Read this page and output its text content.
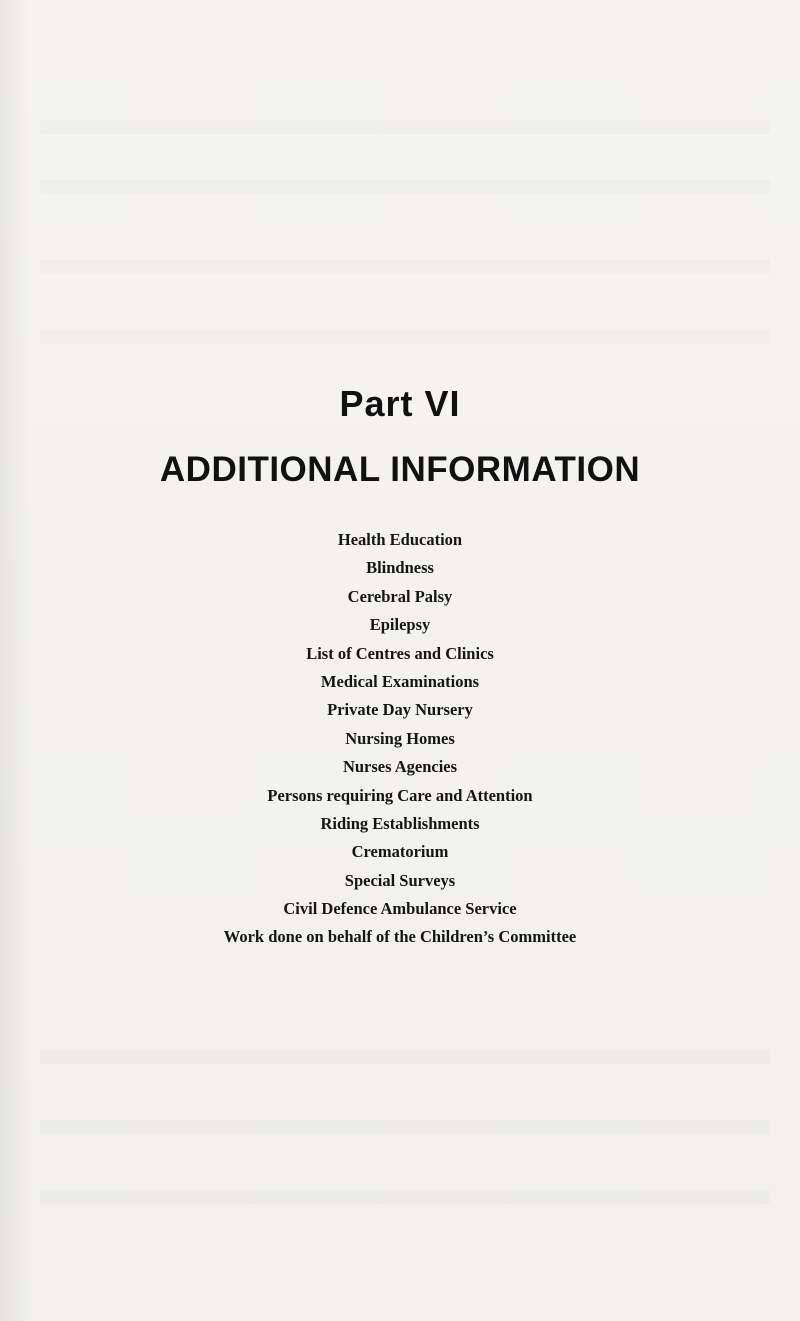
Part VI
ADDITIONAL INFORMATION
Health Education
Blindness
Cerebral Palsy
Epilepsy
List of Centres and Clinics
Medical Examinations
Private Day Nursery
Nursing Homes
Nurses Agencies
Persons requiring Care and Attention
Riding Establishments
Crematorium
Special Surveys
Civil Defence Ambulance Service
Work done on behalf of the Children’s Committee
